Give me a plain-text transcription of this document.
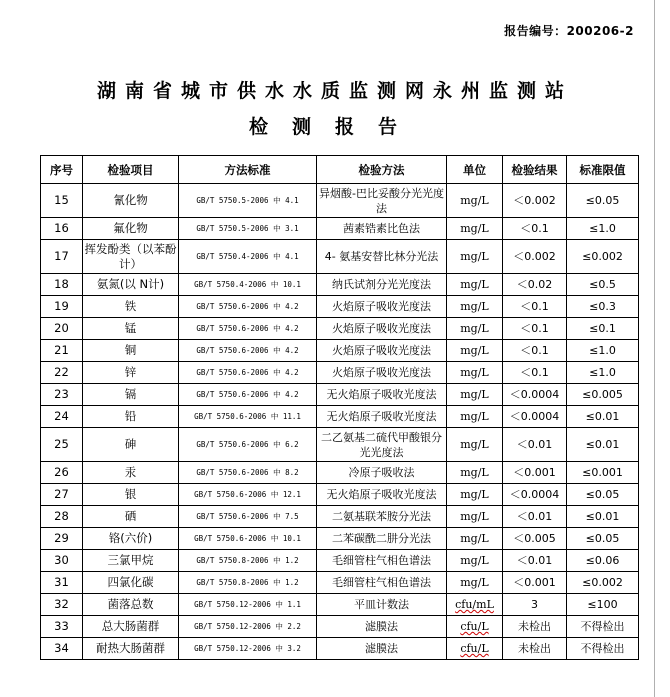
报告编号：200206-2
湖南省城市供水水质监测网永州监测站
检测报告
序号	检验项目	方法标准	检验方法	单位	检验结果	标准限值
15	氰化物	GB/T 5750.5-2006 中 4.1	异烟酸-巴比妥酸分光光度法	mg/L	＜0.002	≤0.05
16	氟化物	GB/T 5750.5-2006 中 3.1	茜素锆素比色法	mg/L	＜0.1	≤1.0
17	挥发酚类（以苯酚计）	GB/T 5750.4-2006 中 4.1	4- 氨基安替比林分光法	mg/L	＜0.002	≤0.002
18	氨氮(以 N计)	GB/T 5750.4-2006 中 10.1	纳氏试剂分光光度法	mg/L	＜0.02	≤0.5
19	铁	GB/T 5750.6-2006 中 4.2	火焰原子吸收光度法	mg/L	＜0.1	≤0.3
20	锰	GB/T 5750.6-2006 中 4.2	火焰原子吸收光度法	mg/L	＜0.1	≤0.1
21	铜	GB/T 5750.6-2006 中 4.2	火焰原子吸收光度法	mg/L	＜0.1	≤1.0
22	锌	GB/T 5750.6-2006 中 4.2	火焰原子吸收光度法	mg/L	＜0.1	≤1.0
23	镉	GB/T 5750.6-2006 中 4.2	无火焰原子吸收光度法	mg/L	＜0.0004	≤0.005
24	铅	GB/T 5750.6-2006 中 11.1	无火焰原子吸收光度法	mg/L	＜0.0004	≤0.01
25	砷	GB/T 5750.6-2006 中 6.2	二乙氨基二硫代甲酸银分光光度法	mg/L	＜0.01	≤0.01
26	汞	GB/T 5750.6-2006 中 8.2	冷原子吸收法	mg/L	＜0.001	≤0.001
27	银	GB/T 5750.6-2006 中 12.1	无火焰原子吸收光度法	mg/L	＜0.0004	≤0.05
28	硒	GB/T 5750.6-2006 中 7.5	二氨基联苯胺分光法	mg/L	＜0.01	≤0.01
29	铬(六价)	GB/T 5750.6-2006 中 10.1	二苯碳酰二肼分光法	mg/L	＜0.005	≤0.05
30	三氯甲烷	GB/T 5750.8-2006 中 1.2	毛细管柱气相色谱法	mg/L	＜0.01	≤0.06
31	四氯化碳	GB/T 5750.8-2006 中 1.2	毛细管柱气相色谱法	mg/L	＜0.001	≤0.002
32	菌落总数	GB/T 5750.12-2006 中 1.1	平皿计数法	cfu/mL	3	≤100
33	总大肠菌群	GB/T 5750.12-2006 中 2.2	滤膜法	cfu/L	未检出	不得检出
34	耐热大肠菌群	GB/T 5750.12-2006 中 3.2	滤膜法	cfu/L	未检出	不得检出
